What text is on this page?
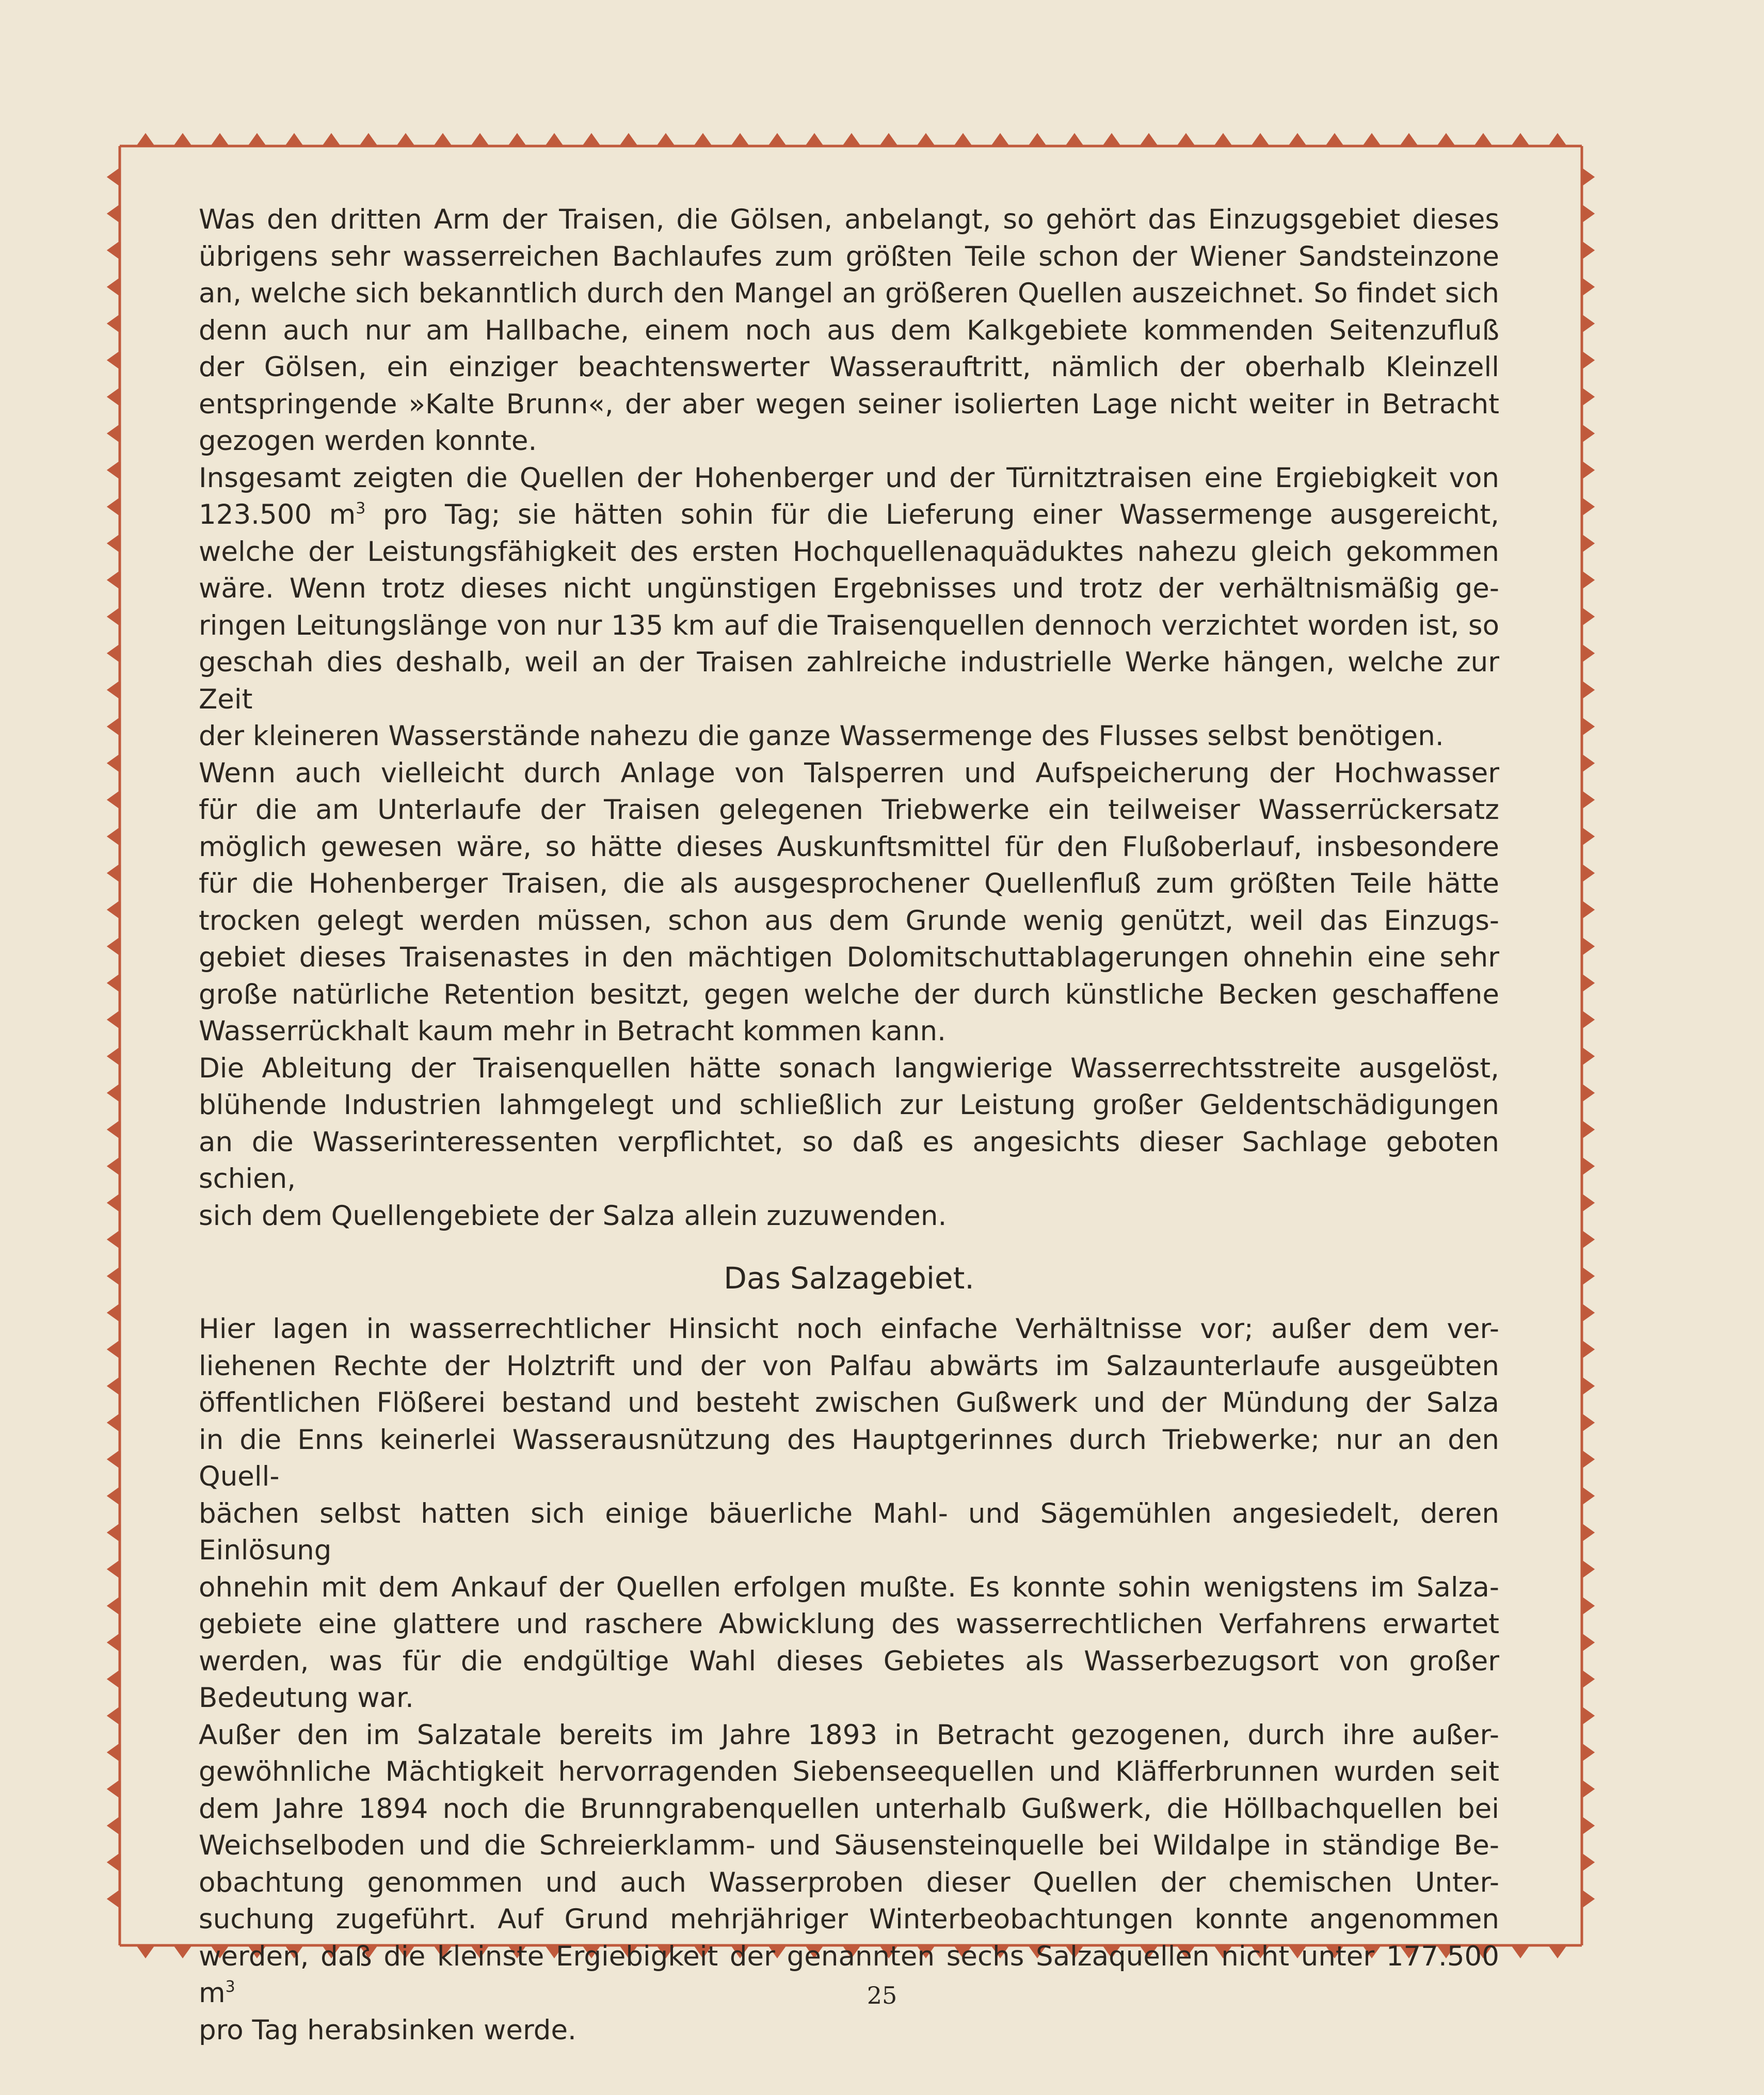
Was den dritten Arm der Traisen, die Gölsen, anbelangt, so gehört das Einzugsgebiet dieses

übrigens sehr wasserreichen Bachlaufes zum größten Teile schon der Wiener Sandsteinzone

an, welche sich bekanntlich durch den Mangel an größeren Quellen auszeichnet. So findet sich

denn auch nur am Hallbache, einem noch aus dem Kalkgebiete kommenden Seitenzufluß

der Gölsen, ein einziger beachtenswerter Wasserauftritt, nämlich der oberhalb Kleinzell

entspringende »Kalte Brunn«, der aber wegen seiner isolierten Lage nicht weiter in Betracht

gezogen werden konnte.

Insgesamt zeigten die Quellen der Hohenberger und der Türnitztraisen eine Ergiebigkeit von

123.500 $m^3$ pro Tag; sie hätten sohin für die Lieferung einer Wassermenge ausgereicht,

welche der Leistungsfähigkeit des ersten Hochquellenaquäduktes nahezu gleich gekommen

wäre. Wenn trotz dieses nicht ungünstigen Ergebnisses und trotz der verhältnismäßig ge-

ringen Leitungslänge von nur 135 km auf die Traisenquellen dennoch verzichtet worden ist, so

geschah dies deshalb, weil an der Traisen zahlreiche industrielle Werke hängen, welche zur Zeit

der kleineren Wasserstände nahezu die ganze Wassermenge des Flusses selbst benötigen.

Wenn auch vielleicht durch Anlage von Talsperren und Aufspeicherung der Hochwasser

für die am Unterlaufe der Traisen gelegenen Triebwerke ein teilweiser Wasserrückersatz

möglich gewesen wäre, so hätte dieses Auskunftsmittel für den Flußoberlauf, insbesondere

für die Hohenberger Traisen, die als ausgesprochener Quellenfluß zum größten Teile hätte

trocken gelegt werden müssen, schon aus dem Grunde wenig genützt, weil das Einzugs-

gebiet dieses Traisenastes in den mächtigen Dolomitschuttablagerungen ohnehin eine sehr

große natürliche Retention besitzt, gegen welche der durch künstliche Becken geschaffene

Wasserrückhalt kaum mehr in Betracht kommen kann.

Die Ableitung der Traisenquellen hätte sonach langwierige Wasserrechtsstreite ausgelöst,

blühende Industrien lahmgelegt und schließlich zur Leistung großer Geldentschädigungen

an die Wasserinteressenten verpflichtet, so daß es angesichts dieser Sachlage geboten schien,

sich dem Quellengebiete der Salza allein zuzuwenden.

Das Salzagebiet.

Hier lagen in wasserrechtlicher Hinsicht noch einfache Verhältnisse vor; außer dem ver-

liehenen Rechte der Holztrift und der von Palfau abwärts im Salzaunterlaufe ausgeübten

öffentlichen Flößerei bestand und besteht zwischen Gußwerk und der Mündung der Salza

in die Enns keinerlei Wasserausnützung des Hauptgerinnes durch Triebwerke; nur an den Quell-

bächen selbst hatten sich einige bäuerliche Mahl- und Sägemühlen angesiedelt, deren Einlösung

ohnehin mit dem Ankauf der Quellen erfolgen mußte. Es konnte sohin wenigstens im Salza-

gebiete eine glattere und raschere Abwicklung des wasserrechtlichen Verfahrens erwartet

werden, was für die endgültige Wahl dieses Gebietes als Wasserbezugsort von großer

Bedeutung war.

Außer den im Salzatale bereits im Jahre 1893 in Betracht gezogenen, durch ihre außer-

gewöhnliche Mächtigkeit hervorragenden Siebenseequellen und Kläfferbrunnen wurden seit

dem Jahre 1894 noch die Brunngrabenquellen unterhalb Gußwerk, die Höllbachquellen bei

Weichselboden und die Schreierklamm- und Säusensteinquelle bei Wildalpe in ständige Be-

obachtung genommen und auch Wasserproben dieser Quellen der chemischen Unter-

suchung zugeführt. Auf Grund mehrjähriger Winterbeobachtungen konnte angenommen

werden, daß die kleinste Ergiebigkeit der genannten sechs Salzaquellen nicht unter 177.500 $m^3$

pro Tag herabsinken werde.

25
